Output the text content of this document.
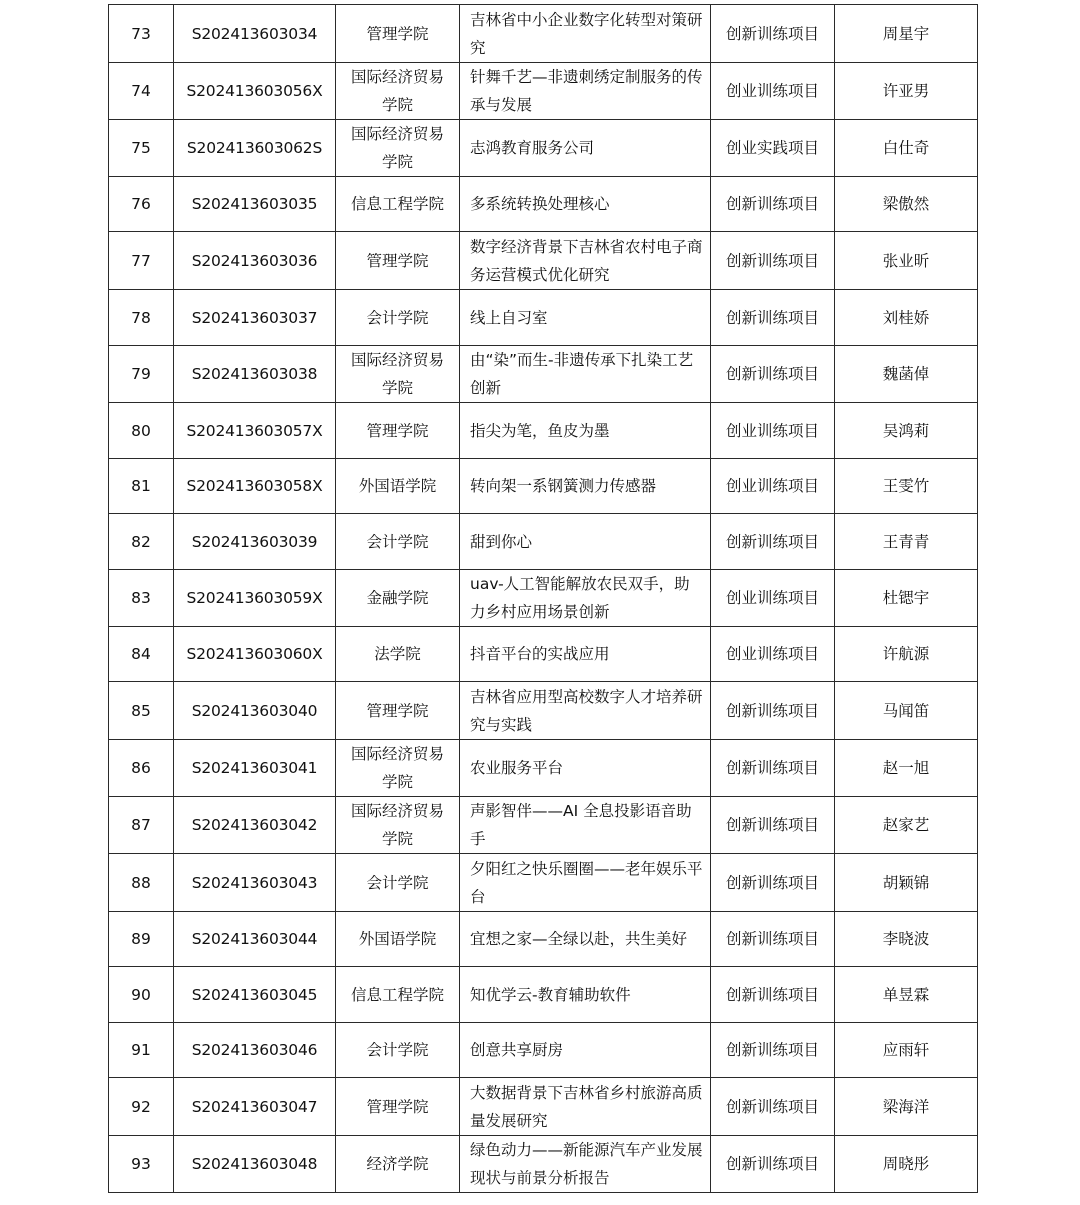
73	S202413603034	管理学院	吉林省中小企业数字化转型对策研究	创新训练项目	周星宇
74	S202413603056X	国际经济贸易学院	针舞千艺—非遗刺绣定制服务的传承与发展	创业训练项目	许亚男
75	S202413603062S	国际经济贸易学院	志鸿教育服务公司	创业实践项目	白仕奇
76	S202413603035	信息工程学院	多系统转换处理核心	创新训练项目	梁傲然
77	S202413603036	管理学院	数字经济背景下吉林省农村电子商务运营模式优化研究	创新训练项目	张业昕
78	S202413603037	会计学院	线上自习室	创新训练项目	刘桂娇
79	S202413603038	国际经济贸易学院	由“染”而生-非遗传承下扎染工艺创新	创新训练项目	魏菡倬
80	S202413603057X	管理学院	指尖为笔，鱼皮为墨	创业训练项目	吴鸿莉
81	S202413603058X	外国语学院	转向架一系钢簧测力传感器	创业训练项目	王雯竹
82	S202413603039	会计学院	甜到你心	创新训练项目	王青青
83	S202413603059X	金融学院	uav-人工智能解放农民双手，助力乡村应用场景创新	创业训练项目	杜锶宇
84	S202413603060X	法学院	抖音平台的实战应用	创业训练项目	许航源
85	S202413603040	管理学院	吉林省应用型高校数字人才培养研究与实践	创新训练项目	马闻笛
86	S202413603041	国际经济贸易学院	农业服务平台	创新训练项目	赵一旭
87	S202413603042	国际经济贸易学院	声影智伴——AI 全息投影语音助手	创新训练项目	赵家艺
88	S202413603043	会计学院	夕阳红之快乐圈圈——老年娱乐平台	创新训练项目	胡颖锦
89	S202413603044	外国语学院	宜想之家—全绿以赴，共生美好	创新训练项目	李晓波
90	S202413603045	信息工程学院	知优学云-教育辅助软件	创新训练项目	单昱霖
91	S202413603046	会计学院	创意共享厨房	创新训练项目	应雨轩
92	S202413603047	管理学院	大数据背景下吉林省乡村旅游高质量发展研究	创新训练项目	梁海洋
93	S202413603048	经济学院	绿色动力——新能源汽车产业发展现状与前景分析报告	创新训练项目	周晓彤
